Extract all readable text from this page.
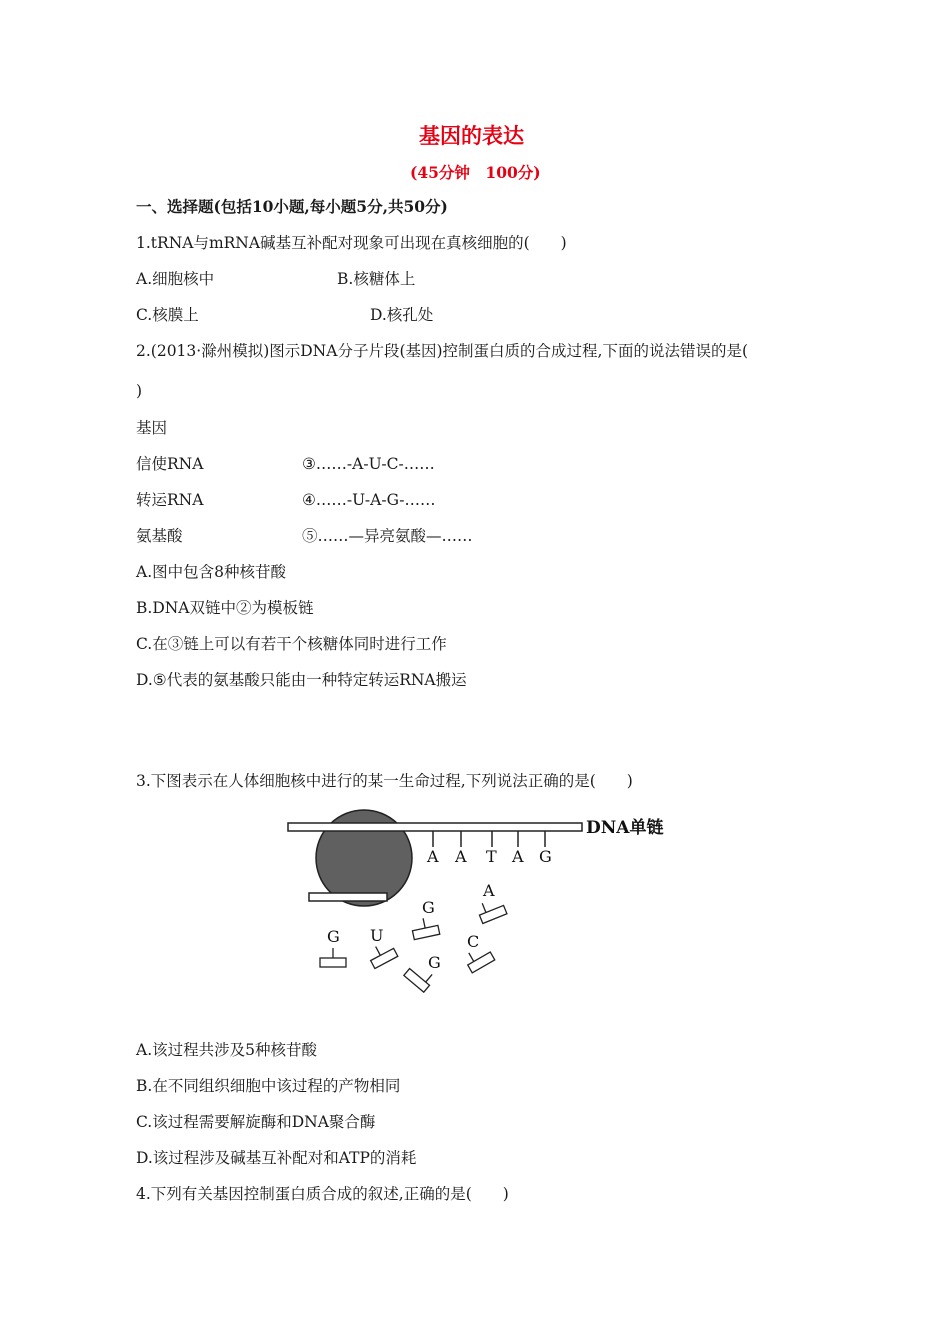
基因的表达
(45分钟　100分)
一、选择题(包括10小题,每小题5分,共50分)
1.tRNA与mRNA碱基互补配对现象可出现在真核细胞的(　　)
A.细胞核中	B.核糖体上
C.核膜上	D.核孔处
2.(2013·滁州模拟)图示DNA分子片段(基因)控制蛋白质的合成过程,下面的说法错误的是(
)
基因
信使RNA	③……-A-U-C-……
转运RNA	④……-U-A-G-……
氨基酸	⑤……—异亮氨酸—……
A.图中包含8种核苷酸
B.DNA双链中②为模板链
C.在③链上可以有若干个核糖体同时进行工作
D.⑤代表的氨基酸只能由一种特定转运RNA搬运
3.下图表示在人体细胞核中进行的某一生命过程,下列说法正确的是(　　)
DNA单链
A A T A G
A
G
G
U	C
G
A.该过程共涉及5种核苷酸
B.在不同组织细胞中该过程的产物相同
C.该过程需要解旋酶和DNA聚合酶
D.该过程涉及碱基互补配对和ATP的消耗
4.下列有关基因控制蛋白质合成的叙述,正确的是(　　)
